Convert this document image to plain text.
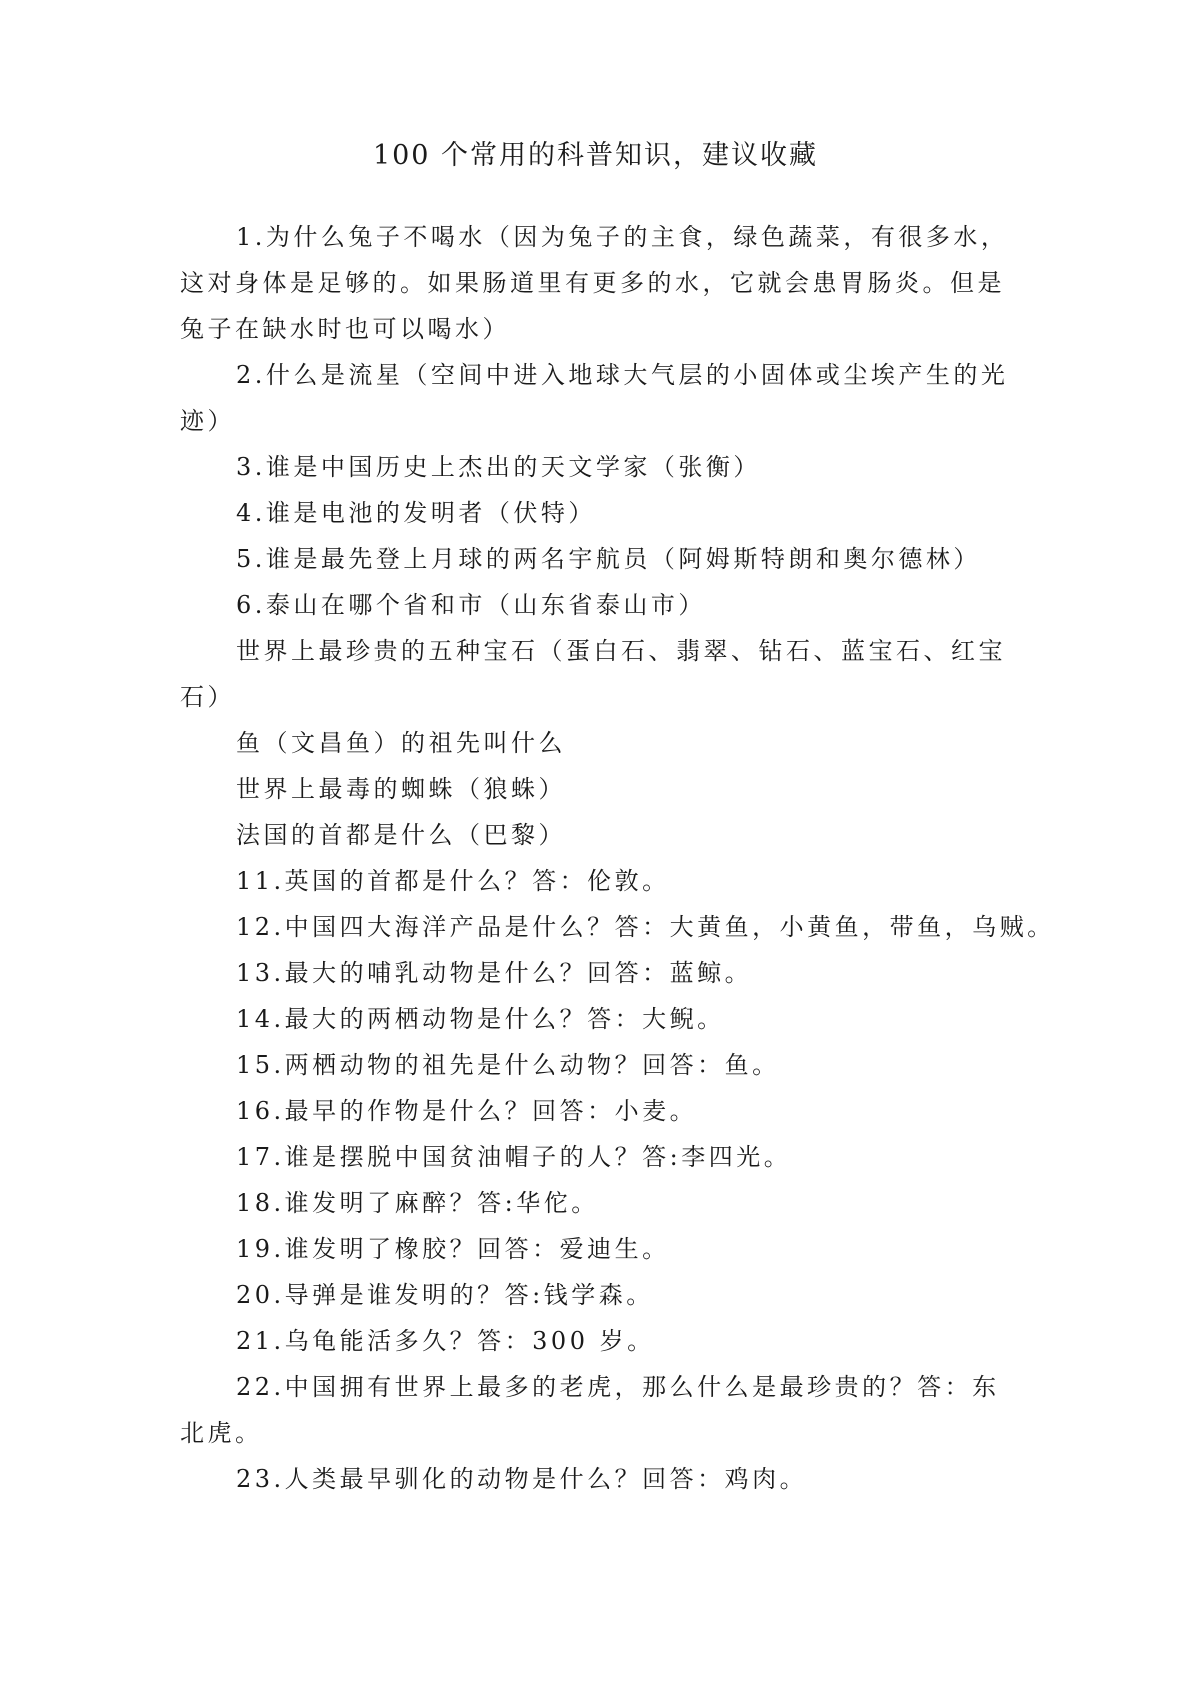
100 个常用的科普知识，建议收藏

1.为什么兔子不喝水（因为兔子的主食，绿色蔬菜，有很多水，这对身体是足够的。如果肠道里有更多的水，它就会患胃肠炎。但是兔子在缺水时也可以喝水）

2.什么是流星（空间中进入地球大气层的小固体或尘埃产生的光迹）

3.谁是中国历史上杰出的天文学家（张衡）

4.谁是电池的发明者（伏特）

5.谁是最先登上月球的两名宇航员（阿姆斯特朗和奥尔德林）

6.泰山在哪个省和市（山东省泰山市）

世界上最珍贵的五种宝石（蛋白石、翡翠、钻石、蓝宝石、红宝石）

鱼（文昌鱼）的祖先叫什么

世界上最毒的蜘蛛（狼蛛）

法国的首都是什么（巴黎）

11.英国的首都是什么？答：伦敦。

12.中国四大海洋产品是什么？答：大黄鱼，小黄鱼，带鱼，乌贼。

13.最大的哺乳动物是什么？回答：蓝鲸。

14.最大的两栖动物是什么？答：大鲵。

15.两栖动物的祖先是什么动物？回答：鱼。

16.最早的作物是什么？回答：小麦。

17.谁是摆脱中国贫油帽子的人？答:李四光。

18.谁发明了麻醉？答:华佗。

19.谁发明了橡胶？回答：爱迪生。

20.导弹是谁发明的？答:钱学森。

21.乌龟能活多久？答：300 岁。

22.中国拥有世界上最多的老虎，那么什么是最珍贵的？答：东北虎。

23.人类最早驯化的动物是什么？回答：鸡肉。
